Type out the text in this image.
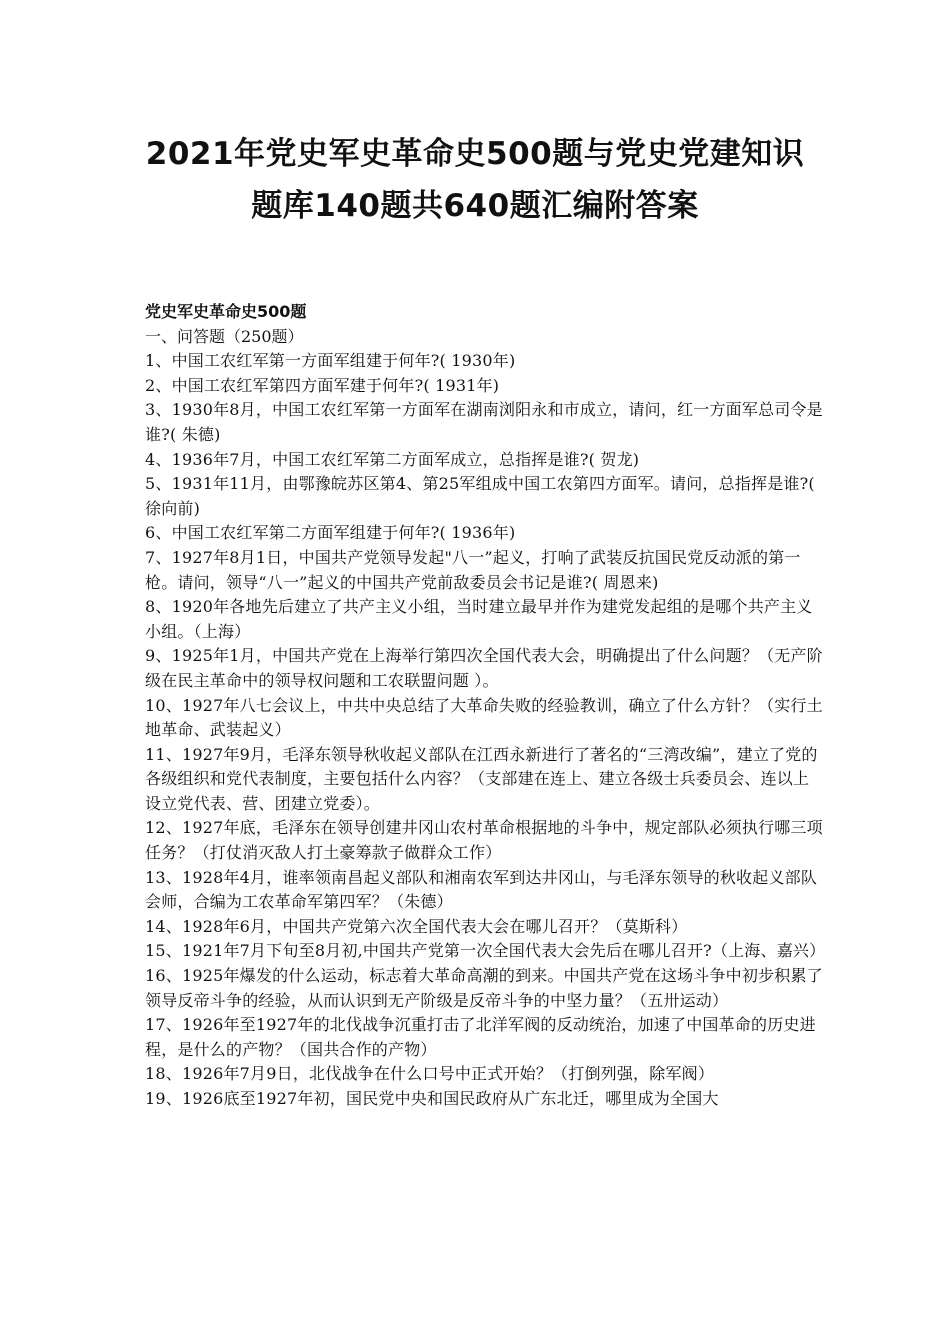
2021年党史军史革命史500题与党史党建知识
题库140题共640题汇编附答案
党史军史革命史500题
一、问答题（250题）

1、中国工农红军第一方面军组建于何年?( 1930年)

2、中国工农红军第四方面军建于何年?( 1931年)

3、1930年8月，中国工农红军第一方面军在湖南浏阳永和市成立，请问，红一方面军总司令是谁?( 朱德)

4、1936年7月，中国工农红军第二方面军成立，总指挥是谁?( 贺龙)

5、1931年11月，由鄂豫皖苏区第4、第25军组成中国工农第四方面军。请问，总指挥是谁?( 徐向前)

6、中国工农红军第二方面军组建于何年?( 1936年)

7、1927年8月1日，中国共产党领导发起"八一”起义，打响了武装反抗国民党反动派的第一枪。请问，领导“八一”起义的中国共产党前敌委员会书记是谁?( 周恩来)

8、1920年各地先后建立了共产主义小组，当时建立最早并作为建党发起组的是哪个共产主义小组。（上海）

9、1925年1月，中国共产党在上海举行第四次全国代表大会，明确提出了什么问题？（无产阶级在民主革命中的领导权问题和工农联盟问题 ）。

10、1927年八七会议上，中共中央总结了大革命失败的经验教训，确立了什么方针？（实行土地革命、武装起义）

11、1927年9月，毛泽东领导秋收起义部队在江西永新进行了著名的“三湾改编”，建立了党的各级组织和党代表制度，主要包括什么内容？（支部建在连上、建立各级士兵委员会、连以上设立党代表、营、团建立党委）。

12、1927年底，毛泽东在领导创建井冈山农村革命根据地的斗争中，规定部队必须执行哪三项任务？（打仗消灭敌人打土豪筹款子做群众工作）

13、1928年4月，谁率领南昌起义部队和湘南农军到达井冈山，与毛泽东领导的秋收起义部队会师，合编为工农革命军第四军？（朱德）

14、1928年6月，中国共产党第六次全国代表大会在哪儿召开？（莫斯科）

15、1921年7月下旬至8月初,中国共产党第一次全国代表大会先后在哪儿召开?（上海、嘉兴）

16、1925年爆发的什么运动，标志着大革命高潮的到来。中国共产党在这场斗争中初步积累了领导反帝斗争的经验，从而认识到无产阶级是反帝斗争的中坚力量？（五卅运动）

17、1926年至1927年的北伐战争沉重打击了北洋军阀的反动统治，加速了中国革命的历史进程，是什么的产物？（国共合作的产物）

18、1926年7月9日，北伐战争在什么口号中正式开始？（打倒列强，除军阀）

19、1926底至1927年初，国民党中央和国民政府从广东北迁，哪里成为全国大
